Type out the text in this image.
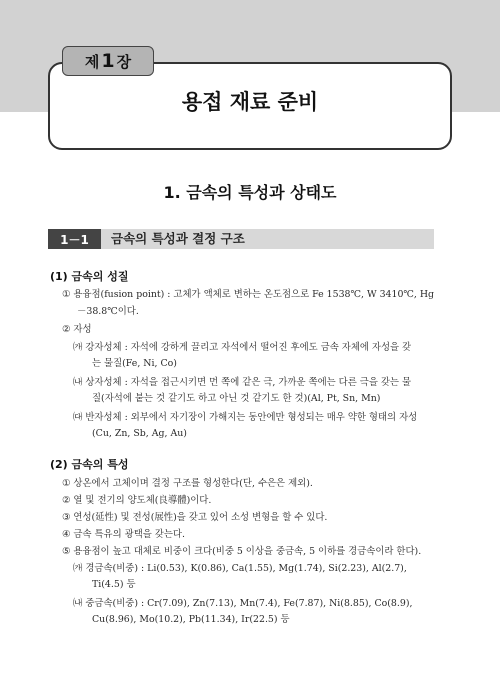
제 1 장
용접 재료 준비
1. 금속의 특성과 상태도
1－1	금속의 특성과 결정 구조
(1) 금속의 성질
① 용융점(fusion point) : 고체가 액체로 변하는 온도점으로 Fe 1538℃, W 3410℃, Hg
－38.8℃이다.
② 자성
㈎ 강자성체 : 자석에 강하게 끌리고 자석에서 떨어진 후에도 금속 자체에 자성을 갖
는 물질(Fe, Ni, Co)
㈏ 상자성체 : 자석을 접근시키면 먼 쪽에 같은 극, 가까운 쪽에는 다른 극을 갖는 물
질(자석에 붙는 것 같기도 하고 아닌 것 같기도 한 것)(Al, Pt, Sn, Mn)
㈐ 반자성체 : 외부에서 자기장이 가해지는 동안에만 형성되는 매우 약한 형태의 자성
(Cu, Zn, Sb, Ag, Au)
(2) 금속의 특성
① 상온에서 고체이며 결정 구조를 형성한다(단, 수은은 제외).
② 열 및 전기의 양도체(良導體)이다.
③ 연성(延性) 및 전성(展性)을 갖고 있어 소성 변형을 할 수 있다.
④ 금속 특유의 광택을 갖는다.
⑤ 용융점이 높고 대체로 비중이 크다(비중 5 이상을 중금속, 5 이하를 경금속이라 한다).
㈎ 경금속(비중) : Li(0.53), K(0.86), Ca(1.55), Mg(1.74), Si(2.23), Al(2.7),
Ti(4.5) 등
㈏ 중금속(비중) : Cr(7.09), Zn(7.13), Mn(7.4), Fe(7.87), Ni(8.85), Co(8.9),
Cu(8.96), Mo(10.2), Pb(11.34), Ir(22.5) 등
